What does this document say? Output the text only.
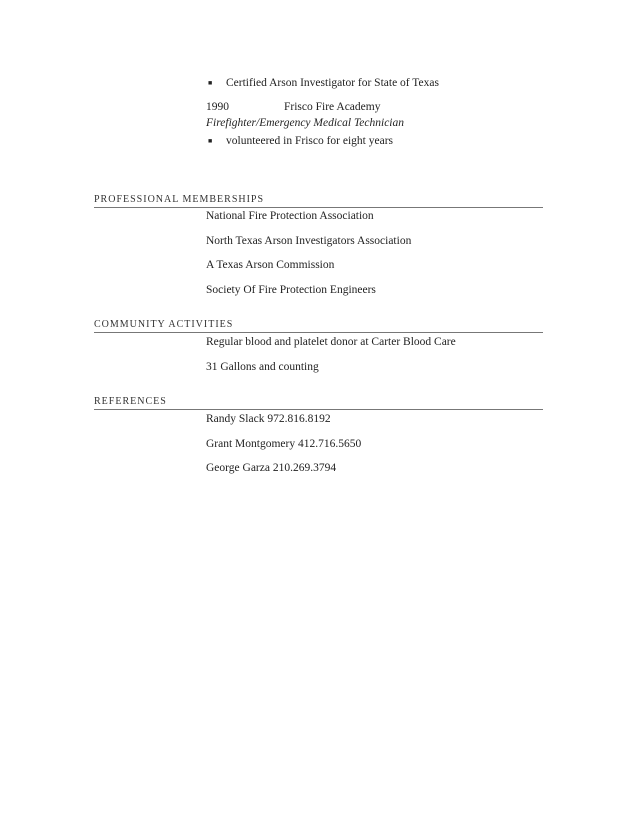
■ Certified Arson Investigator for State of Texas
1990	Frisco Fire Academy
Firefighter/Emergency Medical Technician
■ volunteered in Frisco for eight years
PROFESSIONAL MEMBERSHIPS
National Fire Protection Association
North Texas Arson Investigators Association
A Texas Arson Commission
Society Of Fire Protection Engineers
COMMUNITY ACTIVITIES
Regular blood and platelet donor at Carter Blood Care
31 Gallons and counting
REFERENCES
Randy Slack 972.816.8192
Grant Montgomery 412.716.5650
George Garza 210.269.3794
